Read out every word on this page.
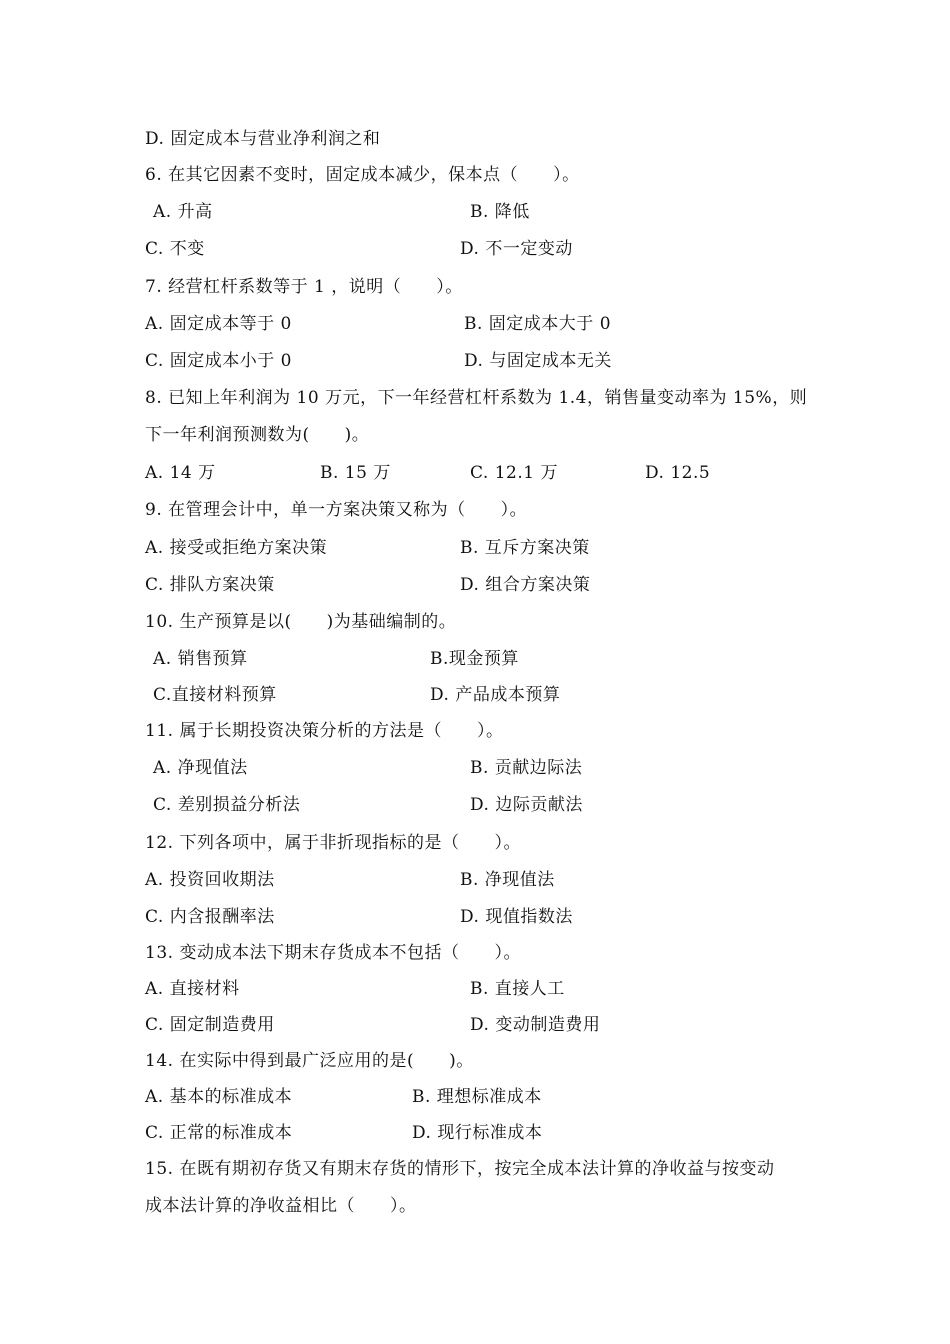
D. 固定成本与营业净利润之和
6. 在其它因素不变时，固定成本减少，保本点（　　）。
A. 升高	B. 降低
C. 不变	D. 不一定变动
7. 经营杠杆系数等于 1 ，说明（　　）。
A. 固定成本等于 0	B. 固定成本大于 0
C. 固定成本小于 0	D. 与固定成本无关
8. 已知上年利润为 10 万元，下一年经营杠杆系数为 1.4，销售量变动率为 15%，则
下一年利润预测数为(　　)。
A. 14 万	B. 15 万	C. 12.1 万	D. 12.5
9. 在管理会计中，单一方案决策又称为（　　）。
A. 接受或拒绝方案决策	B. 互斥方案决策
C. 排队方案决策	D. 组合方案决策
10. 生产预算是以(　　)为基础编制的。
A. 销售预算	B.现金预算
C.直接材料预算	D. 产品成本预算
11. 属于长期投资决策分析的方法是（　　）。
A. 净现值法	B. 贡献边际法
C. 差别损益分析法	D. 边际贡献法
12. 下列各项中，属于非折现指标的是（　　）。
A. 投资回收期法	B. 净现值法
C. 内含报酬率法	D. 现值指数法
13. 变动成本法下期末存货成本不包括（　　）。
A. 直接材料	B. 直接人工
C. 固定制造费用	D. 变动制造费用
14. 在实际中得到最广泛应用的是(　　)。
A. 基本的标准成本	B. 理想标准成本
C. 正常的标准成本	D. 现行标准成本
15. 在既有期初存货又有期末存货的情形下，按完全成本法计算的净收益与按变动
成本法计算的净收益相比（　　）。
